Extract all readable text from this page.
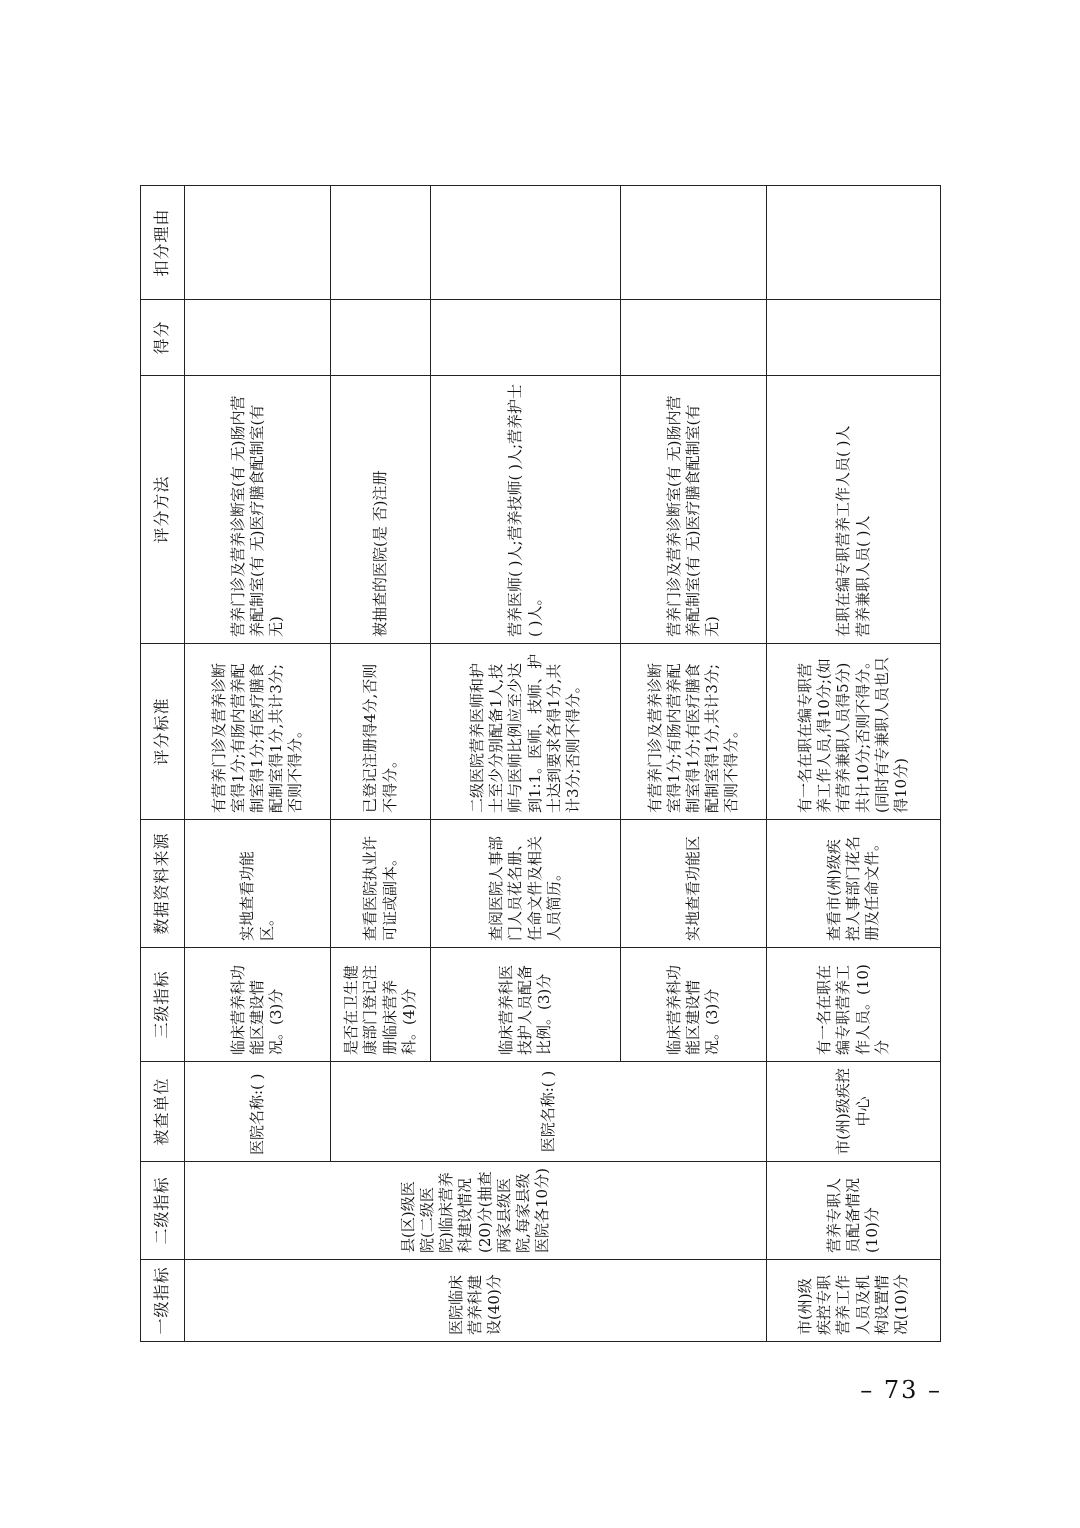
一级指标	二级指标	被查单位	三级指标	数据资料来源	评分标准	评分方法	得分	扣分理由
医院临床营养科建设(40)分	县(区)级医院(二级医院)临床营养科建设情况(20)分(抽查两家县级医院,每家县级医院各10分)	医院名称:( )	临床营养科功能区建设情况。(3)分	实地查看功能区。	有营养门诊及营养诊断室得1分;有肠内营养配制室得1分;有医疗膳食配制室得1分,共计3分;否则不得分。	营养门诊及营养诊断室(有 无)肠内营养配制室(有 无)医疗膳食配制室(有 无)		
		医院名称:( )	是否在卫生健康部门登记注册临床营养科。(4)分	查看医院执业许可证或副本。	已登记注册得4分,否则不得分。	被抽查的医院(是 否)注册		
			临床营养科医技护人员配备比例。(3)分	查阅医院人事部门人员花名册、任命文件及相关人员简历。	二级医院营养医师和护士至少分别配备1人,技师与医师比例应至少达到1:1。医师、技师、护士达到要求各得1分,共计3分;否则不得分。	营养医师( )人;营养技师( )人;营养护士( )人。		
			临床营养科功能区建设情况。(3)分	实地查看功能区	有营养门诊及营养诊断室得1分;有肠内营养配制室得1分;有医疗膳食配制室得1分,共计3分;否则不得分。	营养门诊及营养诊断室(有 无)肠内营养配制室(有 无)医疗膳食配制室(有 无)		
市(州)级疾控专职营养工作人员及机构设置情况(10)分	营养专职人员配备情况(10)分	市(州)级疾控中心	有一名在职在编专职营养工作人员。(10)分	查看市(州)级疾控人事部门花名册及任命文件。	有一名在职在编专职营养工作人员,得10分;(如有营养兼职人员得5分)共计10分;否则不得分。(同时有专兼职人员也只得10分)	在职在编专职营养工作人员( )人
营养兼职人员( )人		
– 73 –
